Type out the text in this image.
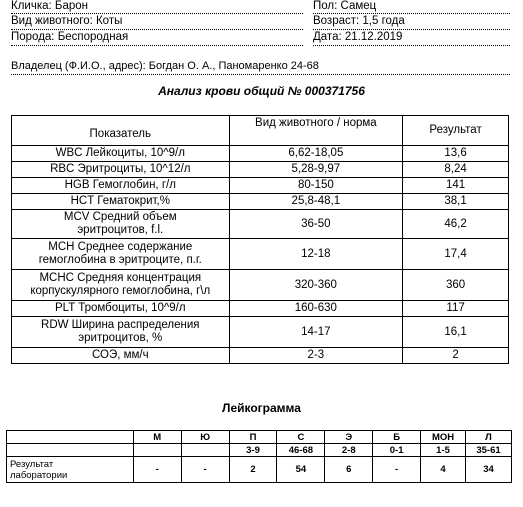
Кличка: Барон
Вид животного: Коты
Порода: Беспородная
Пол: Самец
Возраст: 1,5 года
Дата: 21.12.2019
Владелец (Ф.И.О., адрес): Богдан О. А., Паномаренко 24-68
Анализ крови общий № 000371756
Показатель	Вид животного / норма	Результат
WBC Лейкоциты, 10^9/л	6,62-18,05	13,6
RBC Эритроциты, 10^12/л	5,28-9,97	8,24
HGB Гемоглобин, г/л	80-150	141
HCT Гематокрит,%	25,8-48,1	38,1
MCV Средний объем
эритроцитов, f.l.	36-50	46,2
MCH Среднее содержание
гемоглобина в эритроците, п.г.	12-18	17,4
MCHC Средняя концентрация
корпускулярного гемоглобина, г\л	320-360	360
PLT Тромбоциты, 10^9/л	160-630	117
RDW Ширина распределения
эритроцитов, %	14-17	16,1
СОЭ, мм/ч	2-3	2
Лейкограмма
	М	Ю	П	С	Э	Б	МОН	Л
			3-9	46-68	2-8	0-1	1-5	35-61
Результат
лаборатории	-	-	2	54	6	-	4	34
